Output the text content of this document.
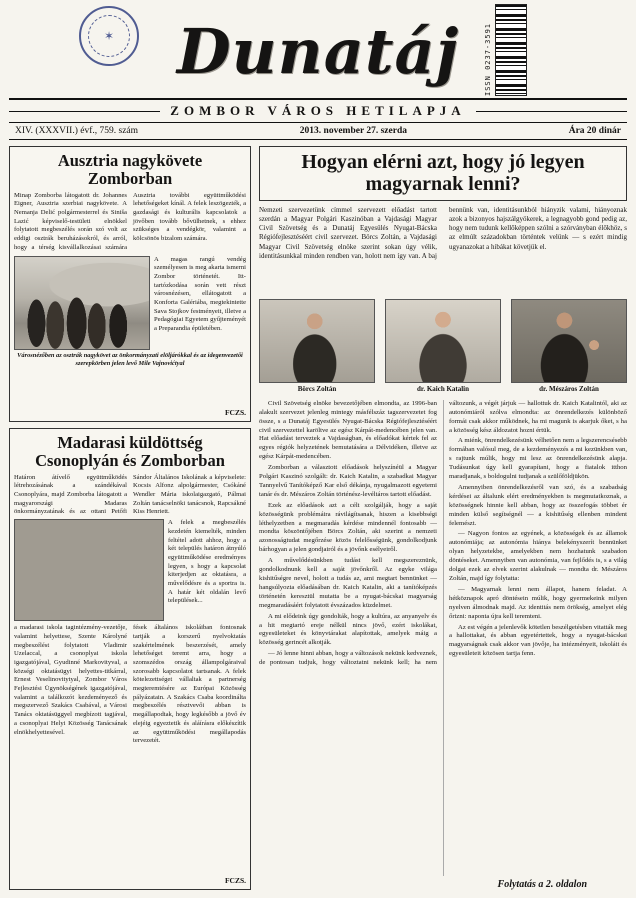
✶	Dunatáj	ISSN 0237-3591
ZOMBOR VÁROS HETILAPJA
XIV. (XXXVII.) évf., 759. szám	2013. november 27. szerda	Ára 20 dinár
Ausztria nagykövete Zomborban
Minap Zomborba látogatott dr. Johannes Eigner, Ausztria szerbiai nagykövete. A Nemanja Delić polgármesterrel és Siniša Lazić képviselő-testületi elnökkel folytatott megbeszélés során szó volt az eddigi osztrák beruházásokról, és arról, hogy a térség kisvállalkozásai számára Ausztria további együttműködési lehetőségeket kínál. A felek leszögezték, a gazdasági és kulturális kapcsolatok a jövőben tovább bővülhetnek, s ehhez szükséges a vendégkör, valamint a kölcsönös bizalom számára.
A magas rangú vendég személyesen is meg akarta ismerni Zombor történetét. Itt-tartózkodása során vett részt városnézésen, ellátogatott a Konforta Galériába, megtekintette Sava Stojkov festményeit, illetve a Pedagógiai Egyetem gyűjteményét a Preparandia épületében.
Városnézőben az osztrák nagykövet az önkormányzati elöljárókkal és az idegenvezetői szerepkörben jelen levő Mile Vajnovićtyal
FCZS.
Madarasi küldöttség Csonoplyán és Zomborban
Határon átívelő együttműködés létrehozásának a szándékával Csonoplyára, majd Zomborba látogatott a magyarországi Madaras önkormányzatának és az ottani Petőfi Sándor Általános Iskolának a képviselete: Kocsis Alfonz alpolgármester, Csókáné Wendler Mária iskolaigazgató, Pálmai Zoltán tanácselnöki tanácsnok, Rapcsákné Kiss Henriett.
A felek a megbeszélés kezdetén kiemelték, minden feltétel adott ahhoz, hogy a két település határon átnyúló együttműködése eredményes legyen, s hogy a kapcsolat kiterjedjen az oktatásra, a művelődésre és a sportra is. A határ két oldalán levő települések...
a madarasi iskola tagintézmény-vezetője, valamint helyettese, Szente Károlyné megbeszélést folytatott Vladimir Uzelaccal, a csonoplyai iskola igazgatójával, Gyudinné Markovityval, a községi oktatásügyi helyettes-titkárral, Ernest Veselinovitytyal, Zombor Város Fejlesztési Ügynökségének igazgatójával, valamint a találkozót kezdeményező és megszervező Szakács Csabával, a Városi Tanács oktatásüggyel megbízott tagjával, a csonoplyai Helyi Közösség Tanácsának elnökhelyettesével.
fések általános iskoláiban fontosnak tartják a korszerű nyelvoktatás szakértelmének beszerzését, amely lehetőséget teremt arra, hogy a szomszédos ország állampolgáraival szorosabb kapcsolatot tartsanak. A felek kötelezettséget vállaltak a partnerség megteremtésére az Európai Közösség pályázatain. A Szakács Csaba koordinálta megbeszélés résztvevői abban is megállapodtak, hogy legkésőbb a jövő év elejéig egyeztetik és aláírásra előkészítik az együttműködési megállapodás tervezetét.
FCZS.
Hogyan elérni azt, hogy jó legyen magyarnak lenni?
Nemzeti szervezetünk címmel szervezett előadást tartott szerdán a Magyar Polgári Kaszinóban a Vajdasági Magyar Civil Szövetség és a Dunatáj Egyesülés Nyugat-Bácska Régiófejlesztéséért civil szervezet. Börcs Zoltán, a Vajdasági Magyar Civil Szövetség elnöke szerint sokan úgy vélik, identitásunkkal minden rendben van, holott nem így van. A baj bennünk van, identitásunkból hiányzik valami, hiányoznak azok a bizonyos hajszálgyökerek, a legnagyobb gond pedig az, hogy nem tudunk kellőképpen szólni a szórványban élőkhöz, s az elmúlt századokban történtek velünk — s ezért mindig ugyanazokat a hibákat követjük el.
Börcs Zoltán	dr. Kaich Katalin	dr. Mészáros Zoltán

Civil Szövetség elnöke bevezetőjében elmondta, az 1996-ban alakult szervezet jelenleg mintegy másfélszáz tagszervezetet fog össze, s a Dunatáj Egyesülés Nyugat-Bácska Régiófejlesztéséért civil szervezettel karöltve az egész Kárpát-medencében jelen van. Hat előadást terveztek a Vajdaságban, és előadókat kértek fel az egyes régiók helyzetének bemutatására a Délvidéken, illetve az egész Kárpát-medencében.

Zomborban a választott előadások helyszínéül a Magyar Polgári Kaszinó szolgált: dr. Kaich Katalin, a szabadkai Magyar Tannyelvű Tanítóképző Kar első dékánja, nyugalmazott egyetemi tanár és dr. Mészáros Zoltán történész-levéltáros tartott előadást.

Ezek az előadások azt a célt szolgálják, hogy a saját közösségünk problémáira rávilágítsanak, hiszen a kisebbségi léthelyzetben a megmaradás kérdése mindennél fontosabb — mondta köszöntőjében Börcs Zoltán, aki szerint a nemzeti azonosságtudat megőrzése közös felelősségünk, gondolkodjunk bárhogyan a jelen gondjairól és a jövőnk esélyeiről.

A művelődésünkben tudást kell megszereznünk, gondolkodnunk kell a saját jövőnkről. Az egyke világa kishitűségre nevel, holott a tudás az, ami megtart bennünket — hangsúlyozta előadásában dr. Kaich Katalin, aki a tanítóképzés történetén keresztül mutatta be a nyugat-bácskai magyarság megmaradásáért folytatott évszázados küzdelmet.

A mi elődeink úgy gondolták, hogy a kultúra, az anyanyelv és a hit megtartó ereje nélkül nincs jövő, ezért iskolákat, egyesületeket és könyvtárakat alapítottak, amelyek máig a közösség gerincét alkotják.

— Jó lenne hinni abban, hogy a változások nekünk kedveznek, de pontosan tudjuk, hogy változtatni nekünk kell; ha nem változunk, a végét járjuk — hallottuk dr. Kaich Katalintól, aki az autonómiáról szólva elmondta: az önrendelkezés különböző formái csak akkor működnek, ha mi magunk is akarjuk őket, s ha a közösség kész áldozatot hozni értük.

A miénk, önrendelkezésünk vélhetően nem a legszerencsésebb formában valósul meg, de a kezdeményezés a mi kezünkben van, s rajtunk múlik, hogy mi lesz az önrendelkezésünk alapja. Tudásunkat úgy kell gyarapítani, hogy a fiatalok itthon maradjanak, s boldogulni tudjanak a szülőföldjükön.

Amennyiben önrendelkezésről van szó, és a szabadság kérdései az általunk elért eredményekben is megmutatkoznak, a közösségnek hinnie kell abban, hogy az összefogás többet ér minden külső segítségnél — a kishitűség ellenben mindent felemészt.

— Nagyon fontos az egyének, a közösségek és az államok autonómiája; az autonómia hiánya belekényszerít bennünket olyan helyzetekbe, amelyekben nem hozhatunk szabadon döntéseket. Amennyiben van autonómia, van fejlődés is, s a világ dolgai ezek az elvek szerint alakulnak — mondta dr. Mészáros Zoltán, majd így folytatta:

— Magyarnak lenni nem állapot, hanem feladat. A hétköznapok apró döntésein múlik, hogy gyermekeink milyen nyelven álmodnak majd. Az identitás nem örökség, amelyet elég őrizni: naponta újra kell teremteni.

Az est végén a jelenlevők kötetlen beszélgetésben vitatták meg a hallottakat, és abban egyetértettek, hogy a nyugat-bácskai magyarságnak csak akkor van jövője, ha intézményeit, iskoláit és egyesületeit közösen tartja fenn.

Folytatás a 2. oldalon
